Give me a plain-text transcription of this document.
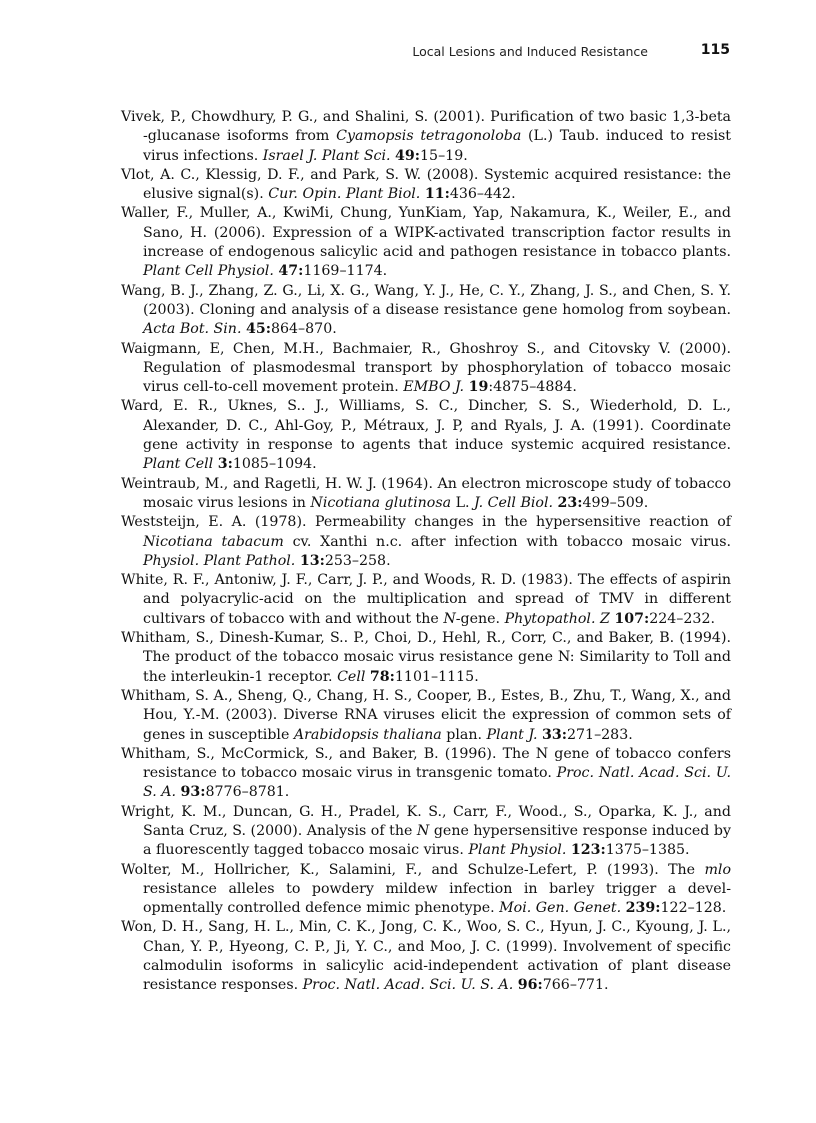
Local Lesions and Induced Resistance	115

Vivek, P., Chowdhury, P. G., and Shalini, S. (2001). Purification of two basic 1,3-beta -glucanase isoforms from Cyamopsis tetragonoloba (L.) Taub. induced to resist virus infections. Israel J. Plant Sci. 49:15–19.

Vlot, A. C., Klessig, D. F., and Park, S. W. (2008). Systemic acquired resistance: the elusive signal(s). Cur. Opin. Plant Biol. 11:436–442.

Waller, F., Muller, A., KwiMi, Chung, YunKiam, Yap, Nakamura, K., Weiler, E., and Sano, H. (2006). Expression of a WIPK-activated transcription factor results in increase of endogenous salicylic acid and pathogen resistance in tobacco plants. Plant Cell Physiol. 47:1169–1174.

Wang, B. J., Zhang, Z. G., Li, X. G., Wang, Y. J., He, C. Y., Zhang, J. S., and Chen, S. Y. (2003). Cloning and analysis of a disease resistance gene homolog from soybean. Acta Bot. Sin. 45:864–870.

Waigmann, E, Chen, M.H., Bachmaier, R., Ghoshroy S., and Citovsky V. (2000). Regulation of plasmodesmal transport by phosphorylation of tobacco mosaic virus cell-to-cell movement protein. EMBO J. 19:4875–4884.

Ward, E. R., Uknes, S.. J., Williams, S. C., Dincher, S. S., Wiederhold, D. L., Alexander, D. C., Ahl-Goy, P., Métraux, J. P, and Ryals, J. A. (1991). Coordinate gene activity in response to agents that induce systemic acquired resistance. Plant Cell 3:1085–1094.

Weintraub, M., and Ragetli, H. W. J. (1964). An electron microscope study of tobacco mosaic virus lesions in Nicotiana glutinosa L. J. Cell Biol. 23:499–509.

Weststeijn, E. A. (1978). Permeability changes in the hypersensitive reaction of Nicotiana tabacum cv. Xanthi n.c. after infection with tobacco mosaic virus. Physiol. Plant Pathol. 13:253–258.

White, R. F., Antoniw, J. F., Carr, J. P., and Woods, R. D. (1983). The effects of aspirin and polyacrylic-acid on the multiplication and spread of TMV in different cultivars of tobacco with and without the N-gene. Phytopathol. Z 107:224–232.

Whitham, S., Dinesh-Kumar, S.. P., Choi, D., Hehl, R., Corr, C., and Baker, B. (1994). The product of the tobacco mosaic virus resistance gene N: Similarity to Toll and the interleukin-1 receptor. Cell 78:1101–1115.

Whitham, S. A., Sheng, Q., Chang, H. S., Cooper, B., Estes, B., Zhu, T., Wang, X., and Hou, Y.-M. (2003). Diverse RNA viruses elicit the expression of common sets of genes in susceptible Arabidopsis thaliana plan. Plant J. 33:271–283.

Whitham, S., McCormick, S., and Baker, B. (1996). The N gene of tobacco confers resistance to tobacco mosaic virus in transgenic tomato. Proc. Natl. Acad. Sci. U. S. A. 93:8776–8781.

Wright, K. M., Duncan, G. H., Pradel, K. S., Carr, F., Wood., S., Oparka, K. J., and Santa Cruz, S. (2000). Analysis of the N gene hypersensitive response induced by a fluorescently tagged tobacco mosaic virus. Plant Physiol. 123:1375–1385.

Wolter, M., Hollricher, K., Salamini, F., and Schulze-Lefert, P. (1993). The mlo resistance alleles to powdery mildew infection in barley trigger a devel-opmentally controlled defence mimic phenotype. Moi. Gen. Genet. 239:122–128.

Won, D. H., Sang, H. L., Min, C. K., Jong, C. K., Woo, S. C., Hyun, J. C., Kyoung, J. L., Chan, Y. P., Hyeong, C. P., Ji, Y. C., and Moo, J. C. (1999). Involvement of specific calmodulin isoforms in salicylic acid-independent activation of plant disease resistance responses. Proc. Natl. Acad. Sci. U. S. A. 96:766–771.
